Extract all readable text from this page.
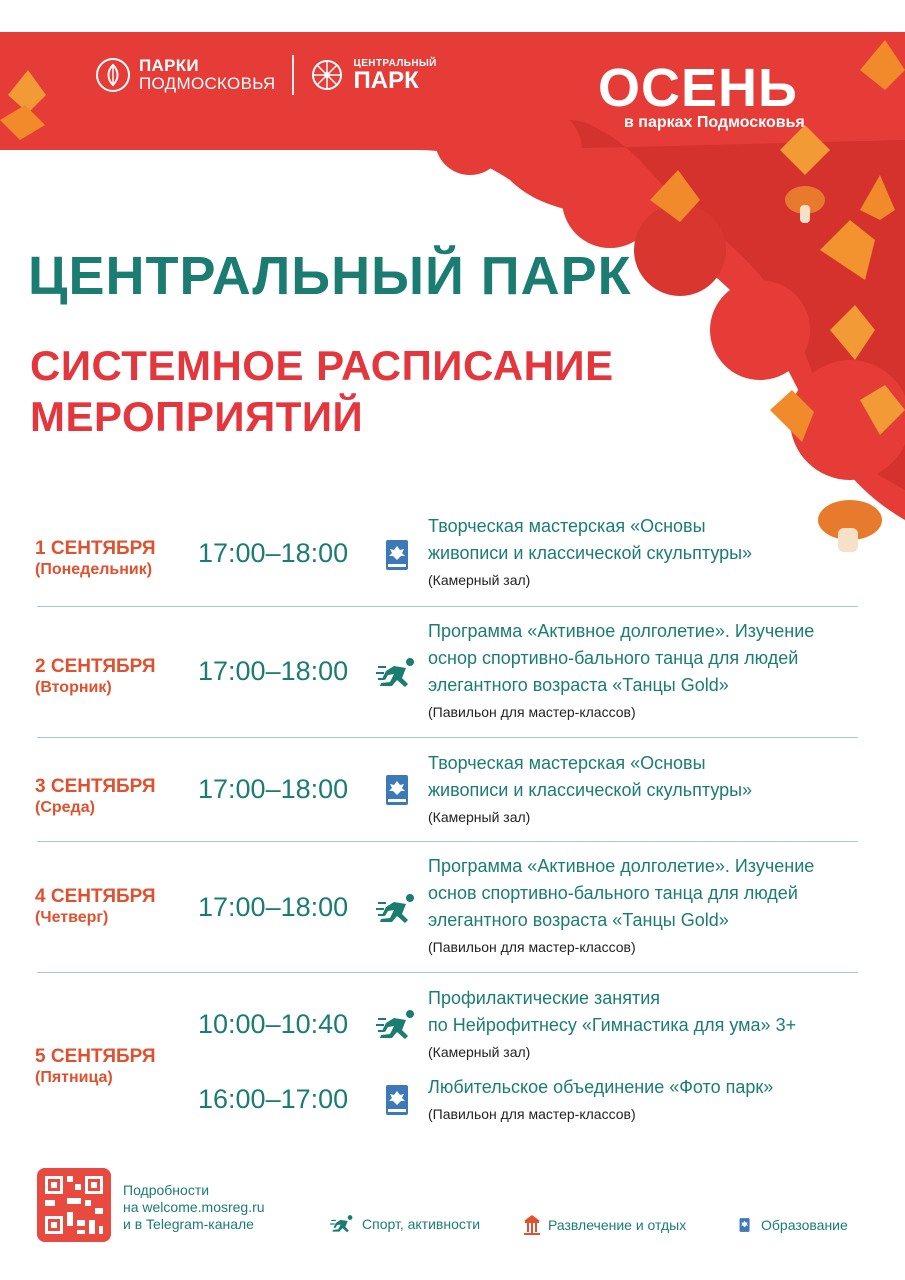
ПАРКИ
ПОДМОСКОВЬЯ
ЦЕНТРАЛЬНЫЙ
ПАРК	ОСЕНЬ
в парках Подмосковья
ЦЕНТРАЛЬНЫЙ ПАРК
СИСТЕМНОЕ РАСПИСАНИЕ МЕРОПРИЯТИЙ
1 СЕНТЯБРЯ
(Понедельник)
17:00–18:00
Творческая мастерская «Основы
живописи и классической скульптуры»
(Камерный зал)
2 СЕНТЯБРЯ
(Вторник)
17:00–18:00
Программа «Активное долголетие». Изучение
осноp спортивно-бального танца для людей
элегантного возраста «Танцы Gold»
(Павильон для мастер-классов)
3 СЕНТЯБРЯ
(Среда)
17:00–18:00
Творческая мастерская «Основы
живописи и классической скульптуры»
(Камерный зал)
4 СЕНТЯБРЯ
(Четверг)	17:00–18:00
Программа «Активное долголетие». Изучение
основ спортивно-бального танца для людей
элегантного возраста «Танцы Gold»
(Павильон для мастер-классов)
5 СЕНТЯБРЯ
(Пятница)
10:00–10:40
Профилактические занятия
по Нейрофитнесу «Гимнастика для ума» 3+
(Камерный зал)
16:00–17:00	Любительское объединение «Фото парк»
(Павильон для мастер-классов)
Подробности
на welcome.mosreg.ru
и в Telegram-канале	Спорт, активности	Развлечение и отдых	Образование
